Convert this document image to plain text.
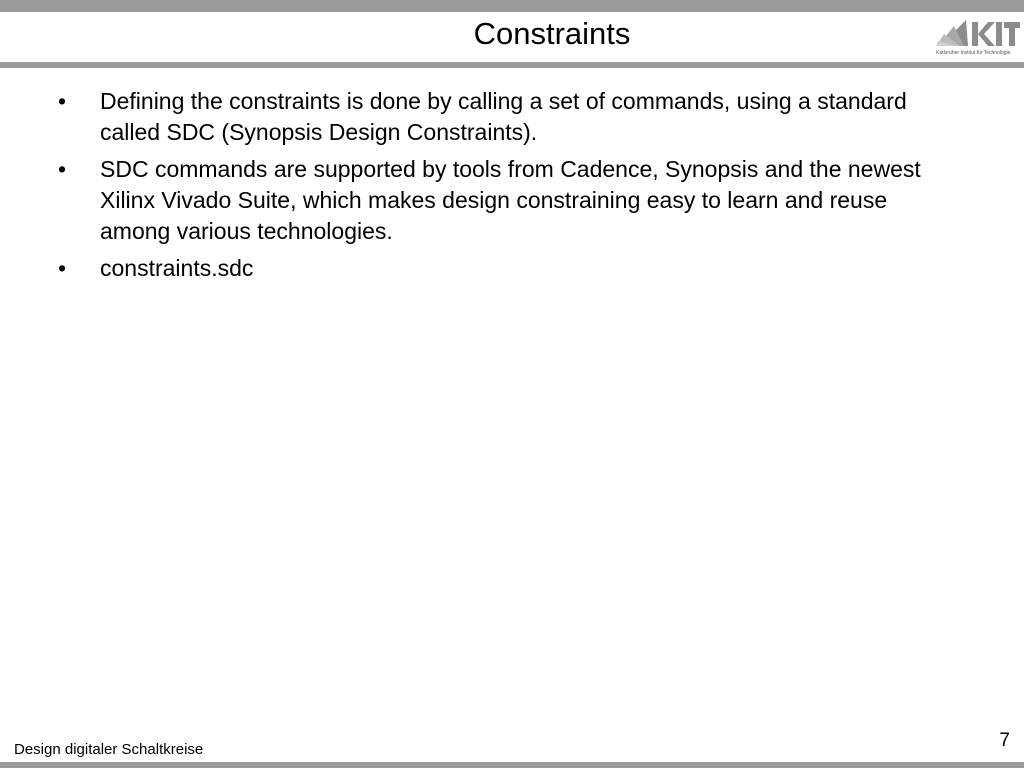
Constraints
Karlsruher Institut für Technologie
•	Defining the constraints is done by calling a set of commands, using a standard called SDC (Synopsis Design Constraints).
•	SDC commands are supported by tools from Cadence, Synopsis and the newest Xilinx Vivado Suite, which makes design constraining easy to learn and reuse among various technologies.
•	constraints.sdc
Design digitaler Schaltkreise	7
